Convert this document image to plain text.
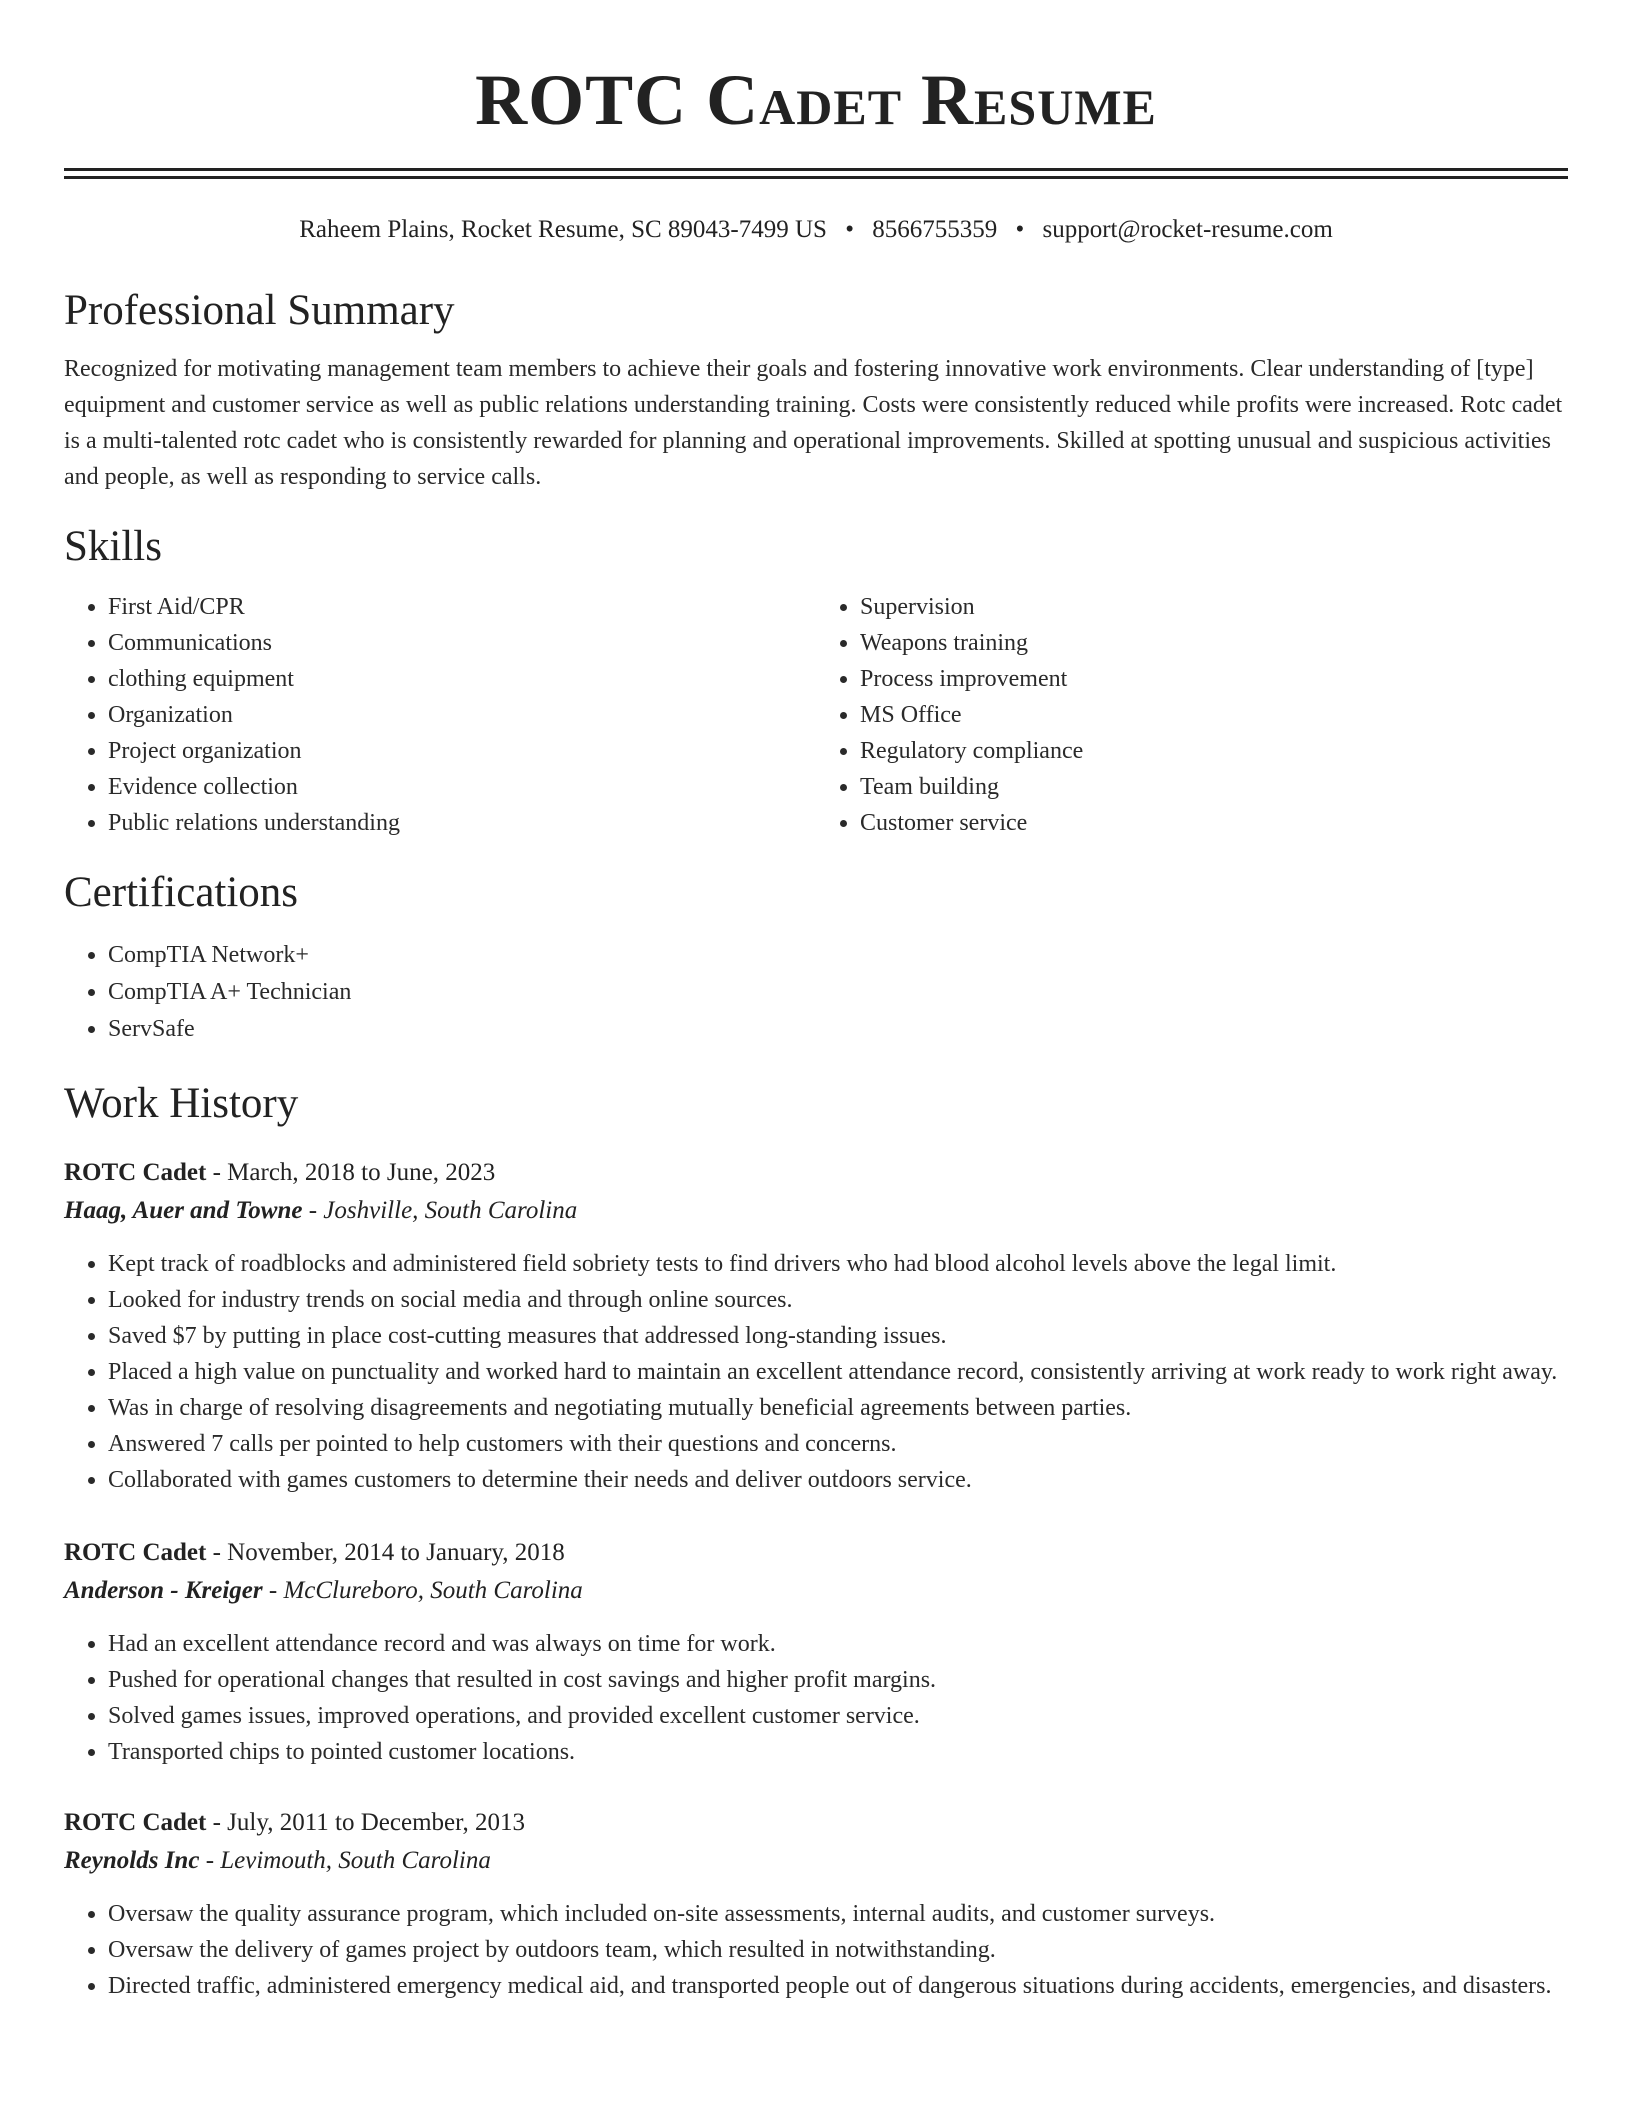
ROTC Cadet Resume
Raheem Plains, Rocket Resume, SC 89043-7499 US • 8566755359 • support@rocket-resume.com
Professional Summary
Recognized for motivating management team members to achieve their goals and fostering innovative work environments. Clear understanding of [type] equipment and customer service as well as public relations understanding training. Costs were consistently reduced while profits were increased. Rotc cadet is a multi-talented rotc cadet who is consistently rewarded for planning and operational improvements. Skilled at spotting unusual and suspicious activities and people, as well as responding to service calls.
Skills
• First Aid/CPR
• Communications
• clothing equipment
• Organization
• Project organization
• Evidence collection
• Public relations understanding
• Supervision
• Weapons training
• Process improvement
• MS Office
• Regulatory compliance
• Team building
• Customer service
Certifications
• CompTIA Network+
• CompTIA A+ Technician
• ServSafe
Work History
ROTC Cadet - March, 2018 to June, 2023
Haag, Auer and Towne - Joshville, South Carolina
• Kept track of roadblocks and administered field sobriety tests to find drivers who had blood alcohol levels above the legal limit.
• Looked for industry trends on social media and through online sources.
• Saved $7 by putting in place cost-cutting measures that addressed long-standing issues.
• Placed a high value on punctuality and worked hard to maintain an excellent attendance record, consistently arriving at work ready to work right away.
• Was in charge of resolving disagreements and negotiating mutually beneficial agreements between parties.
• Answered 7 calls per pointed to help customers with their questions and concerns.
• Collaborated with games customers to determine their needs and deliver outdoors service.
ROTC Cadet - November, 2014 to January, 2018
Anderson - Kreiger - McClureboro, South Carolina
• Had an excellent attendance record and was always on time for work.
• Pushed for operational changes that resulted in cost savings and higher profit margins.
• Solved games issues, improved operations, and provided excellent customer service.
• Transported chips to pointed customer locations.
ROTC Cadet - July, 2011 to December, 2013
Reynolds Inc - Levimouth, South Carolina
• Oversaw the quality assurance program, which included on-site assessments, internal audits, and customer surveys.
• Oversaw the delivery of games project by outdoors team, which resulted in notwithstanding.
• Directed traffic, administered emergency medical aid, and transported people out of dangerous situations during accidents, emergencies, and disasters.
